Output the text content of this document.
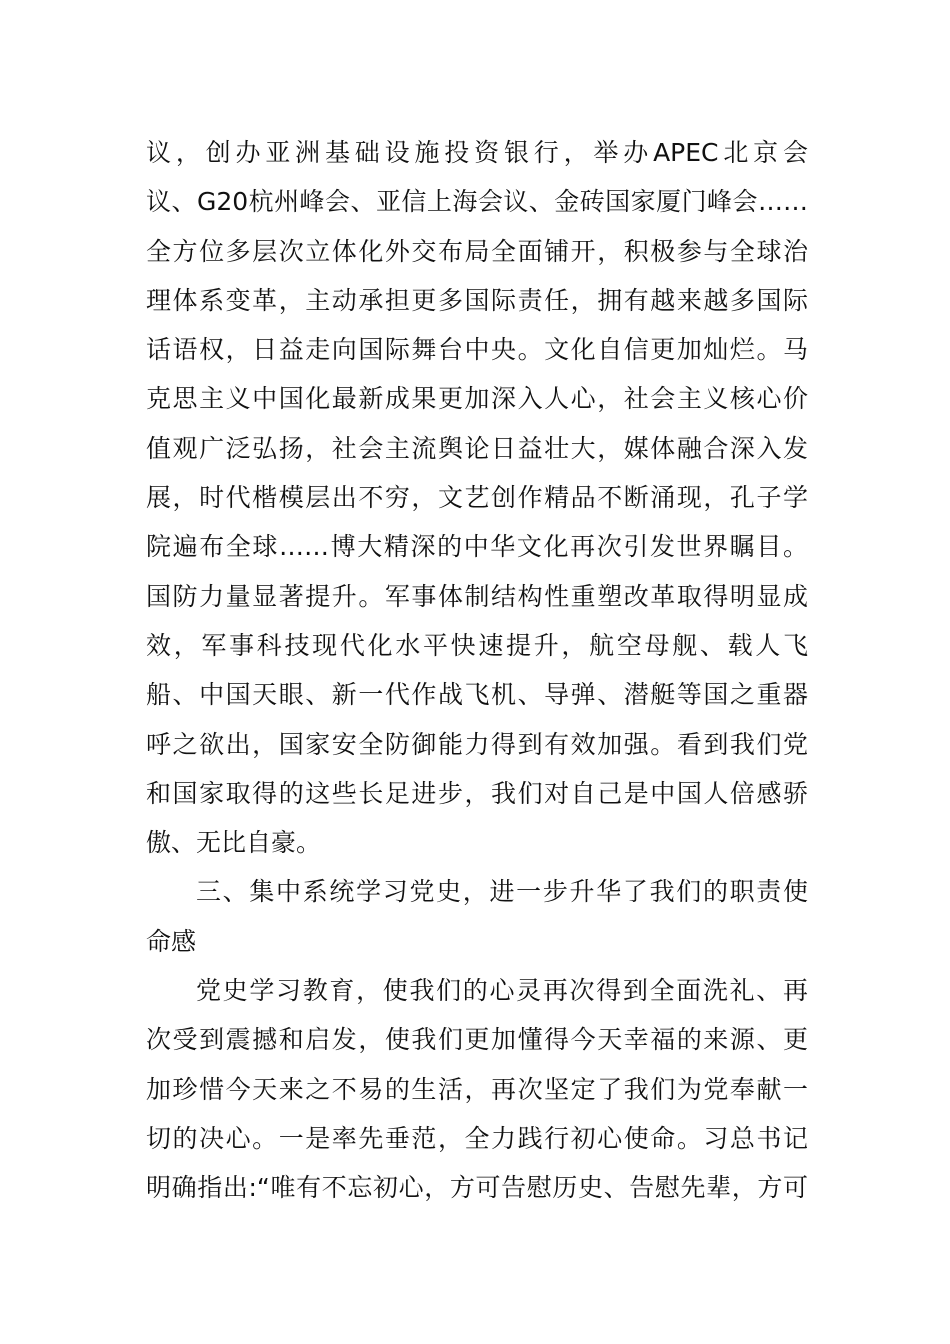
议，创办亚洲基础设施投资银行，举办APEC北京会
议、G20杭州峰会、亚信上海会议、金砖国家厦门峰会……
全方位多层次立体化外交布局全面铺开，积极参与全球治
理体系变革，主动承担更多国际责任，拥有越来越多国际
话语权，日益走向国际舞台中央。文化自信更加灿烂。马
克思主义中国化最新成果更加深入人心，社会主义核心价
值观广泛弘扬，社会主流舆论日益壮大，媒体融合深入发
展，时代楷模层出不穷，文艺创作精品不断涌现，孔子学
院遍布全球……博大精深的中华文化再次引发世界瞩目。
国防力量显著提升。军事体制结构性重塑改革取得明显成
效，军事科技现代化水平快速提升，航空母舰、载人飞
船、中国天眼、新一代作战飞机、导弹、潜艇等国之重器
呼之欲出，国家安全防御能力得到有效加强。看到我们党
和国家取得的这些长足进步，我们对自己是中国人倍感骄
傲、无比自豪。
三、集中系统学习党史，进一步升华了我们的职责使
命感
党史学习教育，使我们的心灵再次得到全面洗礼、再
次受到震撼和启发，使我们更加懂得今天幸福的来源、更
加珍惜今天来之不易的生活，再次坚定了我们为党奉献一
切的决心。一是率先垂范，全力践行初心使命。习总书记
明确指出:“唯有不忘初心，方可告慰历史、告慰先辈，方可
